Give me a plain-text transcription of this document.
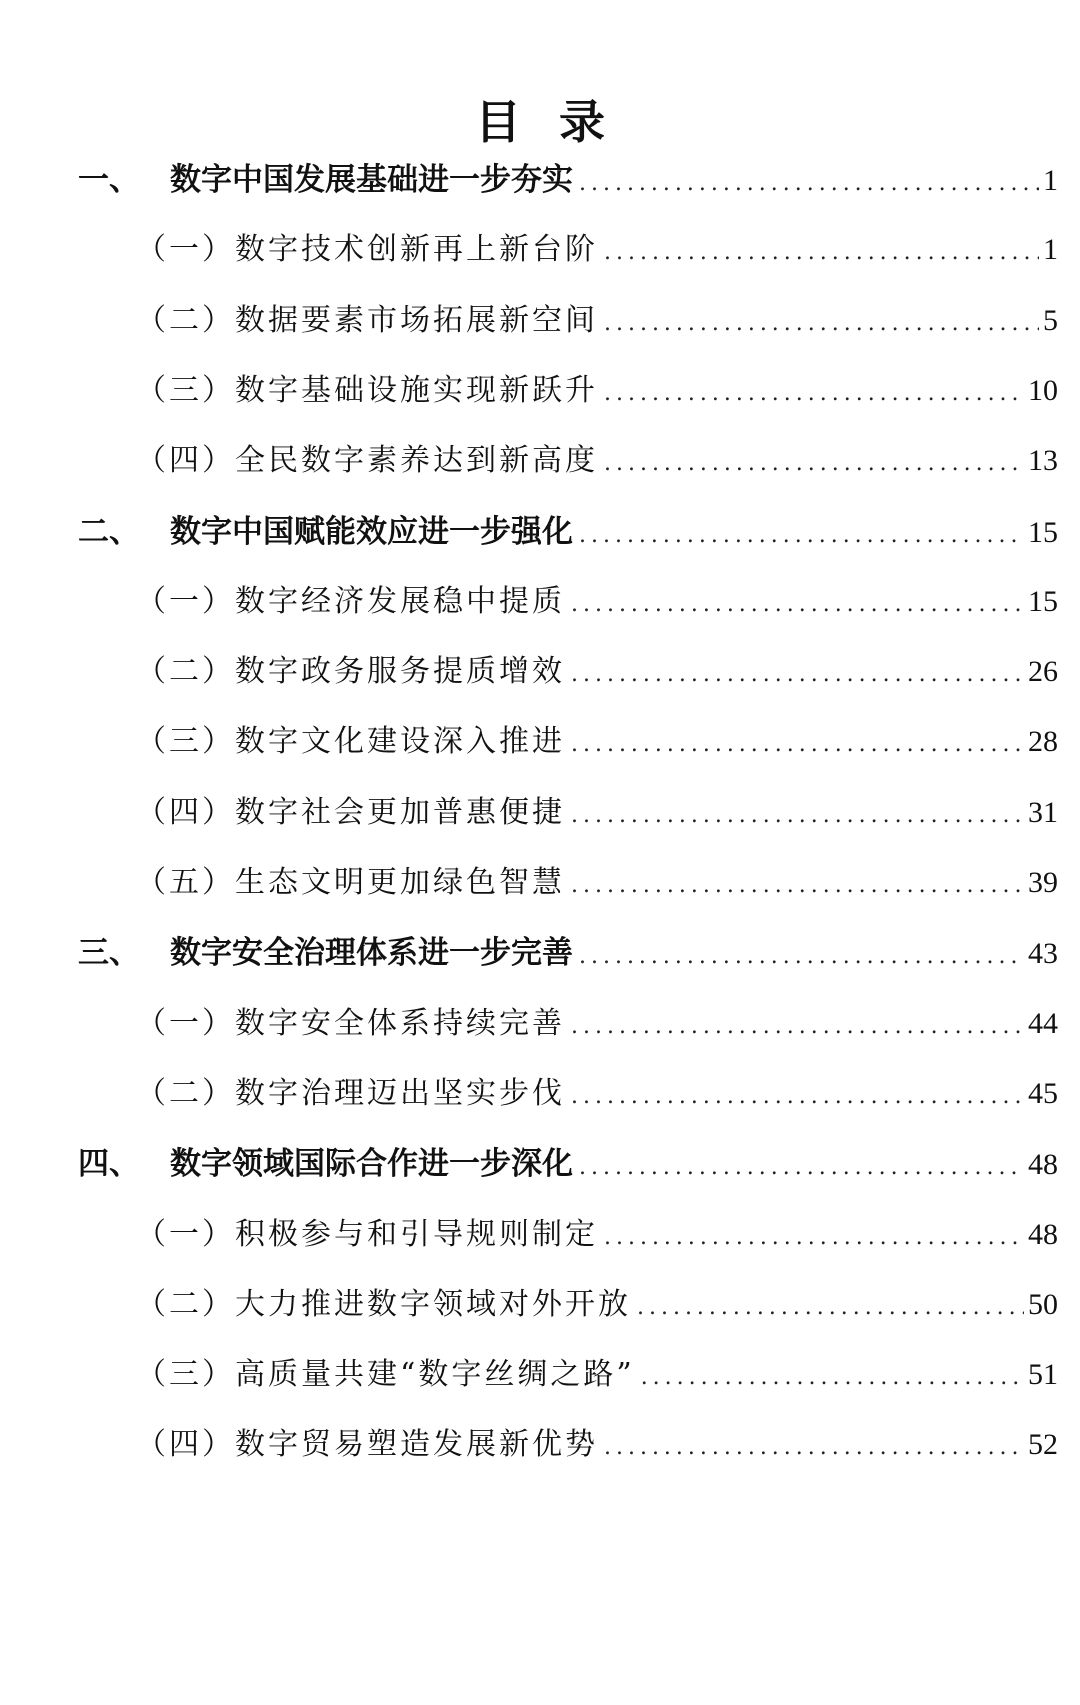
目 录
一、 数字中国发展基础进一步夯实 . . .	1
（一）数字技术创新再上新台阶 . . .	1
（二）数据要素市场拓展新空间 . . .	5
（三）数字基础设施实现新跃升 . . .	10
（四）全民数字素养达到新高度 . . .	13
二、 数字中国赋能效应进一步强化 . . .	15
（一）数字经济发展稳中提质 . . .	15
（二）数字政务服务提质增效 . . .	26
（三）数字文化建设深入推进 . . .	28
（四）数字社会更加普惠便捷 . . .	31
（五）生态文明更加绿色智慧 . . .	39
三、 数字安全治理体系进一步完善 . . .	43
（一）数字安全体系持续完善 . . .	44
（二）数字治理迈出坚实步伐 . . .	45
四、 数字领域国际合作进一步深化 . . .	48
（一）积极参与和引导规则制定 . . .	48
（二）大力推进数字领域对外开放 . . .	50
（三）高质量共建“数字丝绸之路” . . .	51
（四）数字贸易塑造发展新优势 . . .	52
